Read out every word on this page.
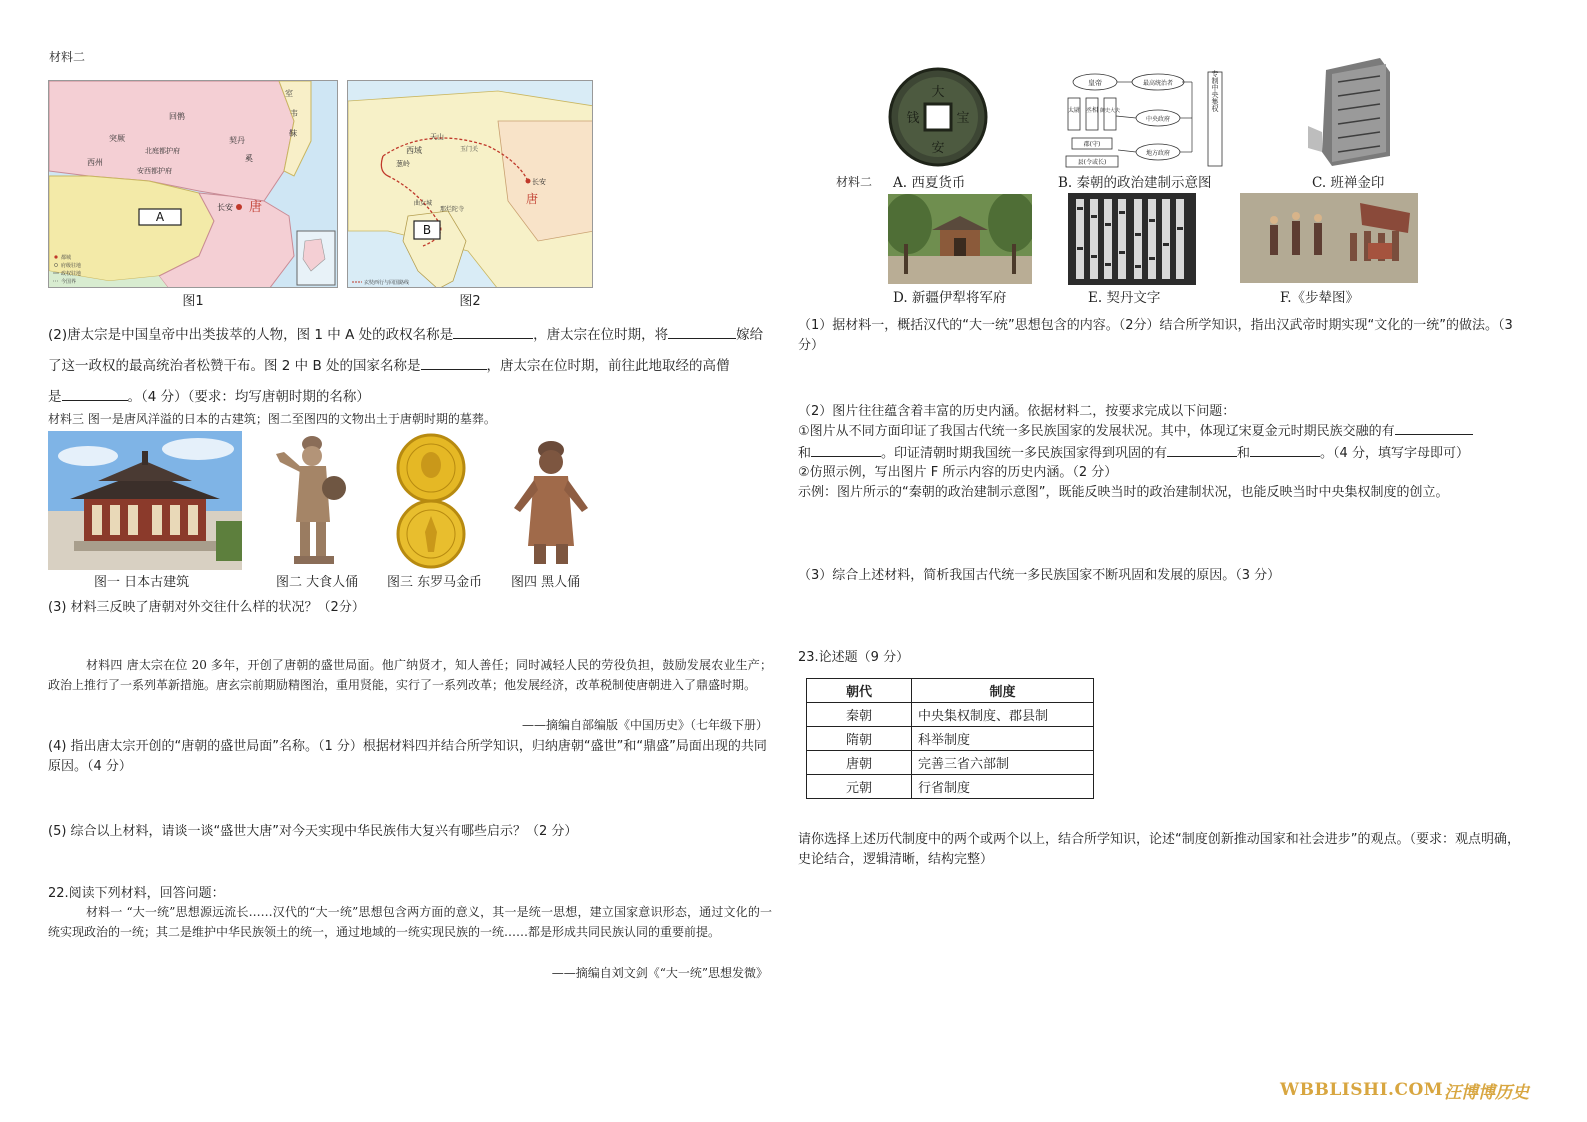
材料二
A
长安 唐
室
韦
靺
回鹘
突厥	契丹
奚
西州
北庭都护府
安西都护府
都城
府级驻地
政权驻地
今国界
图1
B
长安
唐
天山
西域	玉门关
葱岭
那烂陀寺
曲女城
玄奘西行与回国路线
图2
(2)唐太宗是中国皇帝中出类拔萃的人物，图 1 中 A 处的政权名称是	，唐太宗在位时期，将	嫁给
了这一政权的最高统治者松赞干布。图 2 中 B 处的国家名称是	，唐太宗在位时期，前往此地取经的高僧
是	。（4 分）（要求：均写唐朝时期的名称）
材料三 图一是唐风洋溢的日本的古建筑；图二至图四的文物出土于唐朝时期的墓葬。
图一 日本古建筑	图二 大食人俑 图三 东罗马金币 图四 黑人俑
(3) 材料三反映了唐朝对外交往什么样的状况？（2分）
材料四 唐太宗在位 20 多年，开创了唐朝的盛世局面。他广纳贤才，知人善任；同时减轻人民的劳役负担，鼓励发展农业生产；政治上推行了一系列革新措施。唐玄宗前期励精图治，重用贤能，实行了一系列改革；他发展经济，改革税制使唐朝进入了鼎盛时期。
——摘编自部编版《中国历史》（七年级下册）
(4) 指出唐太宗开创的“唐朝的盛世局面”名称。（1 分）根据材料四并结合所学知识，归纳唐朝“盛世”和“鼎盛”局面出现的共同原因。（4 分）
(5) 综合以上材料，请谈一谈“盛世大唐”对今天实现中华民族伟大复兴有哪些启示？（2 分）
22.阅读下列材料，回答问题：
材料一 “大一统”思想源远流长……汉代的“大一统”思想包含两方面的意义，其一是统一思想，建立国家意识形态，通过文化的一统实现政治的一统；其二是维护中华民族领土的统一，通过地域的一统实现民族的一统……都是形成共同民族认同的重要前提。
——摘编自刘文剑《“大一统”思想发微》
大
安
宝
钱
皇帝	最高统治者
太尉 丞相 御史大夫
中央政府
郡(守)
县(令或长)
地方政府
君主专制中央集权
材料二 A. 西夏货币	B. 秦朝的政治建制示意图	C. 班禅金印
D. 新疆伊犁将军府	E. 契丹文字	F.《步辇图》
（1）据材料一，概括汉代的“大一统”思想包含的内容。（2分）结合所学知识，指出汉武帝时期实现“文化的一统”的做法。（3分）
（2）图片往往蕴含着丰富的历史内涵。依据材料二，按要求完成以下问题：
①图片从不同方面印证了我国古代统一多民族国家的发展状况。其中，体现辽宋夏金元时期民族交融的有
和	。印证清朝时期我国统一多民族国家得到巩固的有	和	。（4 分，填写字母即可）
②仿照示例，写出图片 F 所示内容的历史内涵。（2 分）
示例：图片所示的“秦朝的政治建制示意图”，既能反映当时的政治建制状况，也能反映当时中央集权制度的创立。
（3）综合上述材料，简析我国古代统一多民族国家不断巩固和发展的原因。（3 分）
23.论述题（9 分）
朝代	制度
秦朝	中央集权制度、郡县制
隋朝	科举制度
唐朝	完善三省六部制
元朝	行省制度
请你选择上述历代制度中的两个或两个以上，结合所学知识，论述“制度创新推动国家和社会进步”的观点。（要求：观点明确，史论结合，逻辑清晰，结构完整）
WBBLISHI.COM 汪博博历史
